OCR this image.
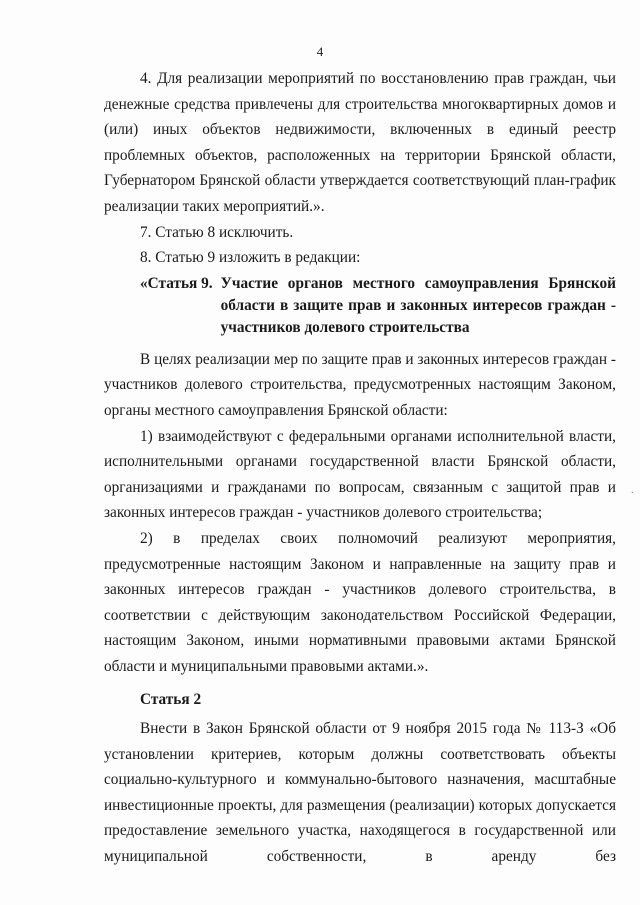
4

4. Для реализации мероприятий по восстановлению прав граждан, чьи денежные средства привлечены для строительства многоквартирных домов и (или) иных объектов недвижимости, включенных в единый реестр проблемных объектов, расположенных на территории Брянской области, Губернатором Брянской области утверждается соответствующий план-график реализации таких мероприятий.».

7. Статью 8 исключить.

8. Статью 9 изложить в редакции:

«Статья 9. Участие органов местного самоуправления Брянской области в защите прав и законных интересов граждан - участников долевого строительства

В целях реализации мер по защите прав и законных интересов граждан - участников долевого строительства, предусмотренных настоящим Законом, органы местного самоуправления Брянской области:

1) взаимодействуют с федеральными органами исполнительной власти, исполнительными органами государственной власти Брянской области, организациями и гражданами по вопросам, связанным с защитой прав и законных интересов граждан - участников долевого строительства;

2) в пределах своих полномочий реализуют мероприятия, предусмотренные настоящим Законом и направленные на защиту прав и законных интересов граждан - участников долевого строительства, в соответствии с действующим законодательством Российской Федерации, настоящим Законом, иными нормативными правовыми актами Брянской области и муниципальными правовыми актами.».

Статья 2

Внести в Закон Брянской области от 9 ноября 2015 года № 113-З «Об установлении критериев, которым должны соответствовать объекты социально-культурного и коммунально-бытового назначения, масштабные инвестиционные проекты, для размещения (реализации) которых допускается предоставление земельного участка, находящегося в государственной или муниципальной собственности, в аренду без

·
